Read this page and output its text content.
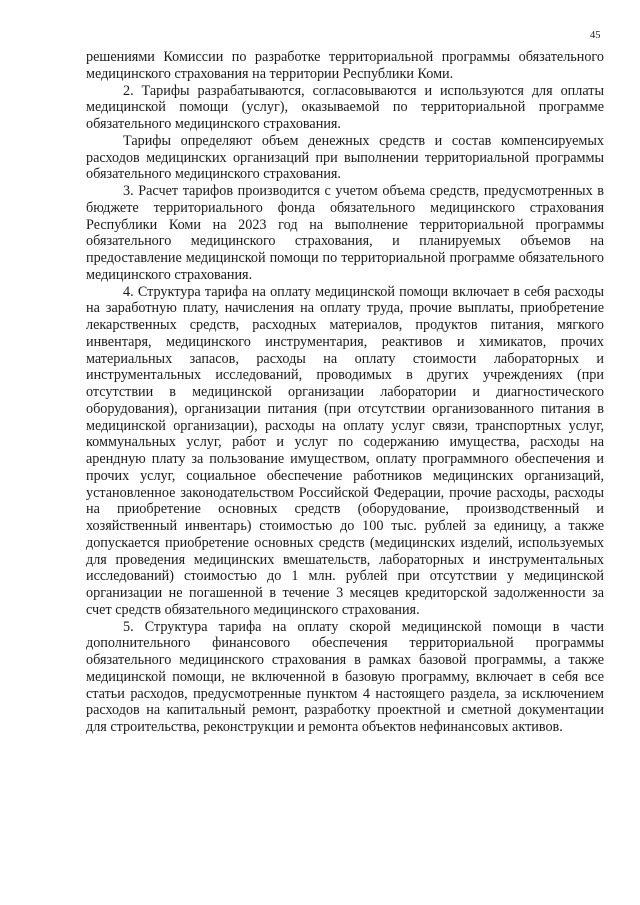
45

решениями Комиссии по разработке территориальной программы обязательного медицинского страхования на территории Республики Коми.

2. Тарифы разрабатываются, согласовываются и используются для оплаты медицинской помощи (услуг), оказываемой по территориальной программе обязательного медицинского страхования.

Тарифы определяют объем денежных средств и состав компенсируемых расходов медицинских организаций при выполнении территориальной программы обязательного медицинского страхования.

3. Расчет тарифов производится с учетом объема средств, предусмотренных в бюджете территориального фонда обязательного медицинского страхования Республики Коми на 2023 год на выполнение территориальной программы обязательного медицинского страхования, и планируемых объемов на предоставление медицинской помощи по территориальной программе обязательного медицинского страхования.

4. Структура тарифа на оплату медицинской помощи включает в себя расходы на заработную плату, начисления на оплату труда, прочие выплаты, приобретение лекарственных средств, расходных материалов, продуктов питания, мягкого инвентаря, медицинского инструментария, реактивов и химикатов, прочих материальных запасов, расходы на оплату стоимости лабораторных и инструментальных исследований, проводимых в других учреждениях (при отсутствии в медицинской организации лаборатории и диагностического оборудования), организации питания (при отсутствии организованного питания в медицинской организации), расходы на оплату услуг связи, транспортных услуг, коммунальных услуг, работ и услуг по содержанию имущества, расходы на арендную плату за пользование имуществом, оплату программного обеспечения и прочих услуг, социальное обеспечение работников медицинских организаций, установленное законодательством Российской Федерации, прочие расходы, расходы на приобретение основных средств (оборудование, производственный и хозяйственный инвентарь) стоимостью до 100 тыс. рублей за единицу, а также допускается приобретение основных средств (медицинских изделий, используемых для проведения медицинских вмешательств, лабораторных и инструментальных исследований) стоимостью до 1 млн. рублей при отсутствии у медицинской организации не погашенной в течение 3 месяцев кредиторской задолженности за счет средств обязательного медицинского страхования.

5. Структура тарифа на оплату скорой медицинской помощи в части дополнительного финансового обеспечения территориальной программы обязательного медицинского страхования в рамках базовой программы, а также медицинской помощи, не включенной в базовую программу, включает в себя все статьи расходов, предусмотренные пунктом 4 настоящего раздела, за исключением расходов на капитальный ремонт, разработку проектной и сметной документации для строительства, реконструкции и ремонта объектов нефинансовых активов.
